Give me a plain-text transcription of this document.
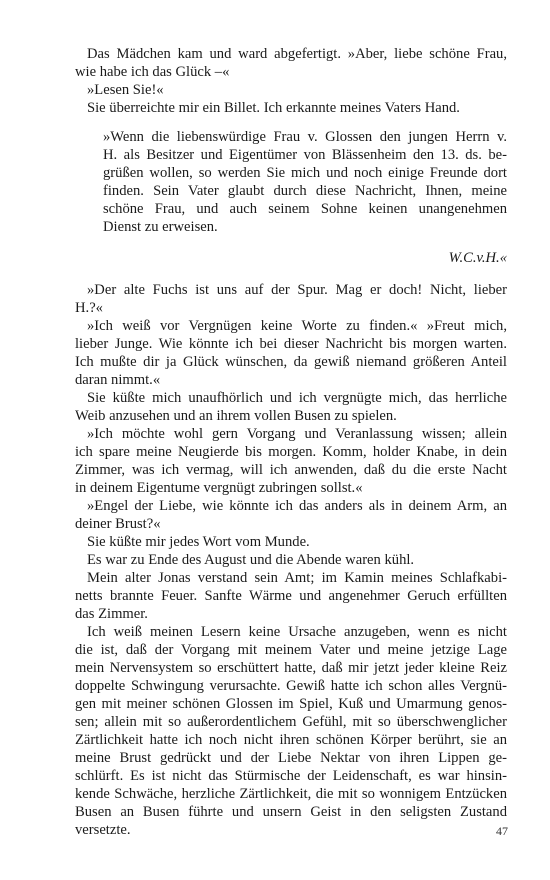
Das Mädchen kam und ward abgefertigt. »Aber, liebe schöne Frau,
wie habe ich das Glück –«
»Lesen Sie!«
Sie überreichte mir ein Billet. Ich erkannte meines Vaters Hand.
»Wenn die liebenswürdige Frau v. Glossen den jungen Herrn v.
H. als Besitzer und Eigentümer von Blässenheim den 13. ds. be-
grüßen wollen, so werden Sie mich und noch einige Freunde dort
finden. Sein Vater glaubt durch diese Nachricht, Ihnen, meine
schöne Frau, und auch seinem Sohne keinen unangenehmen
Dienst zu erweisen.
W.C.v.H.«
»Der alte Fuchs ist uns auf der Spur. Mag er doch! Nicht, lieber
H.?«
»Ich weiß vor Vergnügen keine Worte zu finden.« »Freut mich,
lieber Junge. Wie könnte ich bei dieser Nachricht bis morgen warten.
Ich mußte dir ja Glück wünschen, da gewiß niemand größeren Anteil
daran nimmt.«
Sie küßte mich unaufhörlich und ich vergnügte mich, das herrliche
Weib anzusehen und an ihrem vollen Busen zu spielen.
»Ich möchte wohl gern Vorgang und Veranlassung wissen; allein
ich spare meine Neugierde bis morgen. Komm, holder Knabe, in dein
Zimmer, was ich vermag, will ich anwenden, daß du die erste Nacht
in deinem Eigentume vergnügt zubringen sollst.«
»Engel der Liebe, wie könnte ich das anders als in deinem Arm, an
deiner Brust?«
Sie küßte mir jedes Wort vom Munde.
Es war zu Ende des August und die Abende waren kühl.
Mein alter Jonas verstand sein Amt; im Kamin meines Schlafkabi-
netts brannte Feuer. Sanfte Wärme und angenehmer Geruch erfüllten
das Zimmer.
Ich weiß meinen Lesern keine Ursache anzugeben, wenn es nicht
die ist, daß der Vorgang mit meinem Vater und meine jetzige Lage
mein Nervensystem so erschüttert hatte, daß mir jetzt jeder kleine Reiz
doppelte Schwingung verursachte. Gewiß hatte ich schon alles Vergnü-
gen mit meiner schönen Glossen im Spiel, Kuß und Umarmung genos-
sen; allein mit so außerordentlichem Gefühl, mit so überschwenglicher
Zärtlichkeit hatte ich noch nicht ihren schönen Körper berührt, sie an
meine Brust gedrückt und der Liebe Nektar von ihren Lippen ge-
schlürft. Es ist nicht das Stürmische der Leidenschaft, es war hinsin-
kende Schwäche, herzliche Zärtlichkeit, die mit so wonnigem Entzücken
Busen an Busen führte und unsern Geist in den seligsten Zustand
versetzte.	47
